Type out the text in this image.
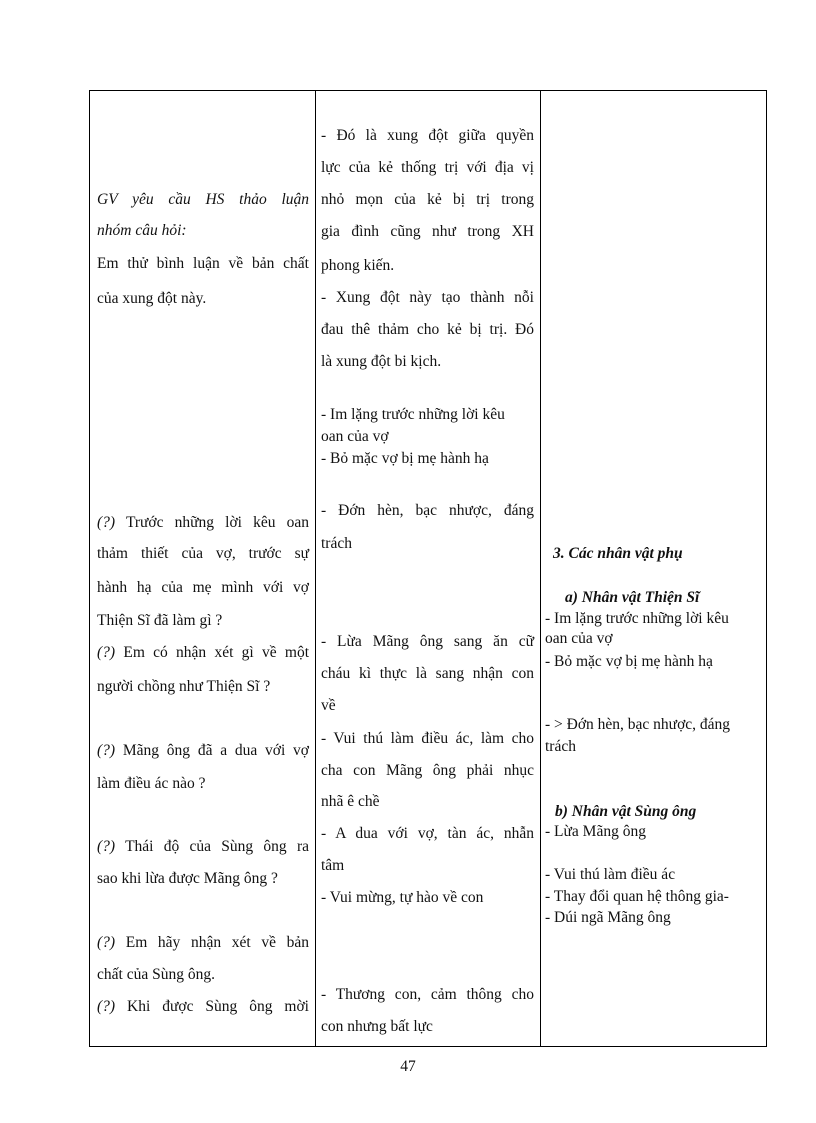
GV yêu cầu HS thảo luận
nhóm câu hỏi:
Em thử bình luận về bản chất
của xung đột này.
(?) Trước những lời kêu oan
thảm thiết của vợ, trước sự
hành hạ của mẹ mình với vợ
Thiện Sĩ đã làm gì ?
(?) Em có nhận xét gì về một
người chồng như Thiện Sĩ ?
(?) Mãng ông đã a dua với vợ
làm điều ác nào ?
(?) Thái độ của Sùng ông ra
sao khi lừa được Mãng ông ?
(?) Em hãy nhận xét về bản
chất của Sùng ông.
(?) Khi được Sùng ông mời
- Đó là xung đột giữa quyền
lực của kẻ thống trị với địa vị
nhỏ mọn của kẻ bị trị trong
gia đình cũng như trong XH
phong kiến.
- Xung đột này tạo thành nỗi
đau thê thảm cho kẻ bị trị. Đó
là xung đột bi kịch.
- Im lặng trước những lời kêu
oan của vợ
- Bỏ mặc vợ bị mẹ hành hạ
- Đớn hèn, bạc nhược, đáng
trách
- Lừa Mãng ông sang ăn cữ
cháu kì thực là sang nhận con
về
- Vui thú làm điều ác, làm cho
cha con Mãng ông phải nhục
nhã ê chề
- A dua với vợ, tàn ác, nhẫn
tâm
- Vui mừng, tự hào về con
- Thương con, cảm thông cho
con nhưng bất lực
3. Các nhân vật phụ
a) Nhân vật Thiện Sĩ
- Im lặng trước những lời kêu
oan của vợ
- Bỏ mặc vợ bị mẹ hành hạ
- > Đớn hèn, bạc nhược, đáng
trách
b) Nhân vật Sùng ông
- Lừa Mãng ông
- Vui thú làm điều ác
- Thay đổi quan hệ thông gia-
- Dúi ngã Mãng ông
47
